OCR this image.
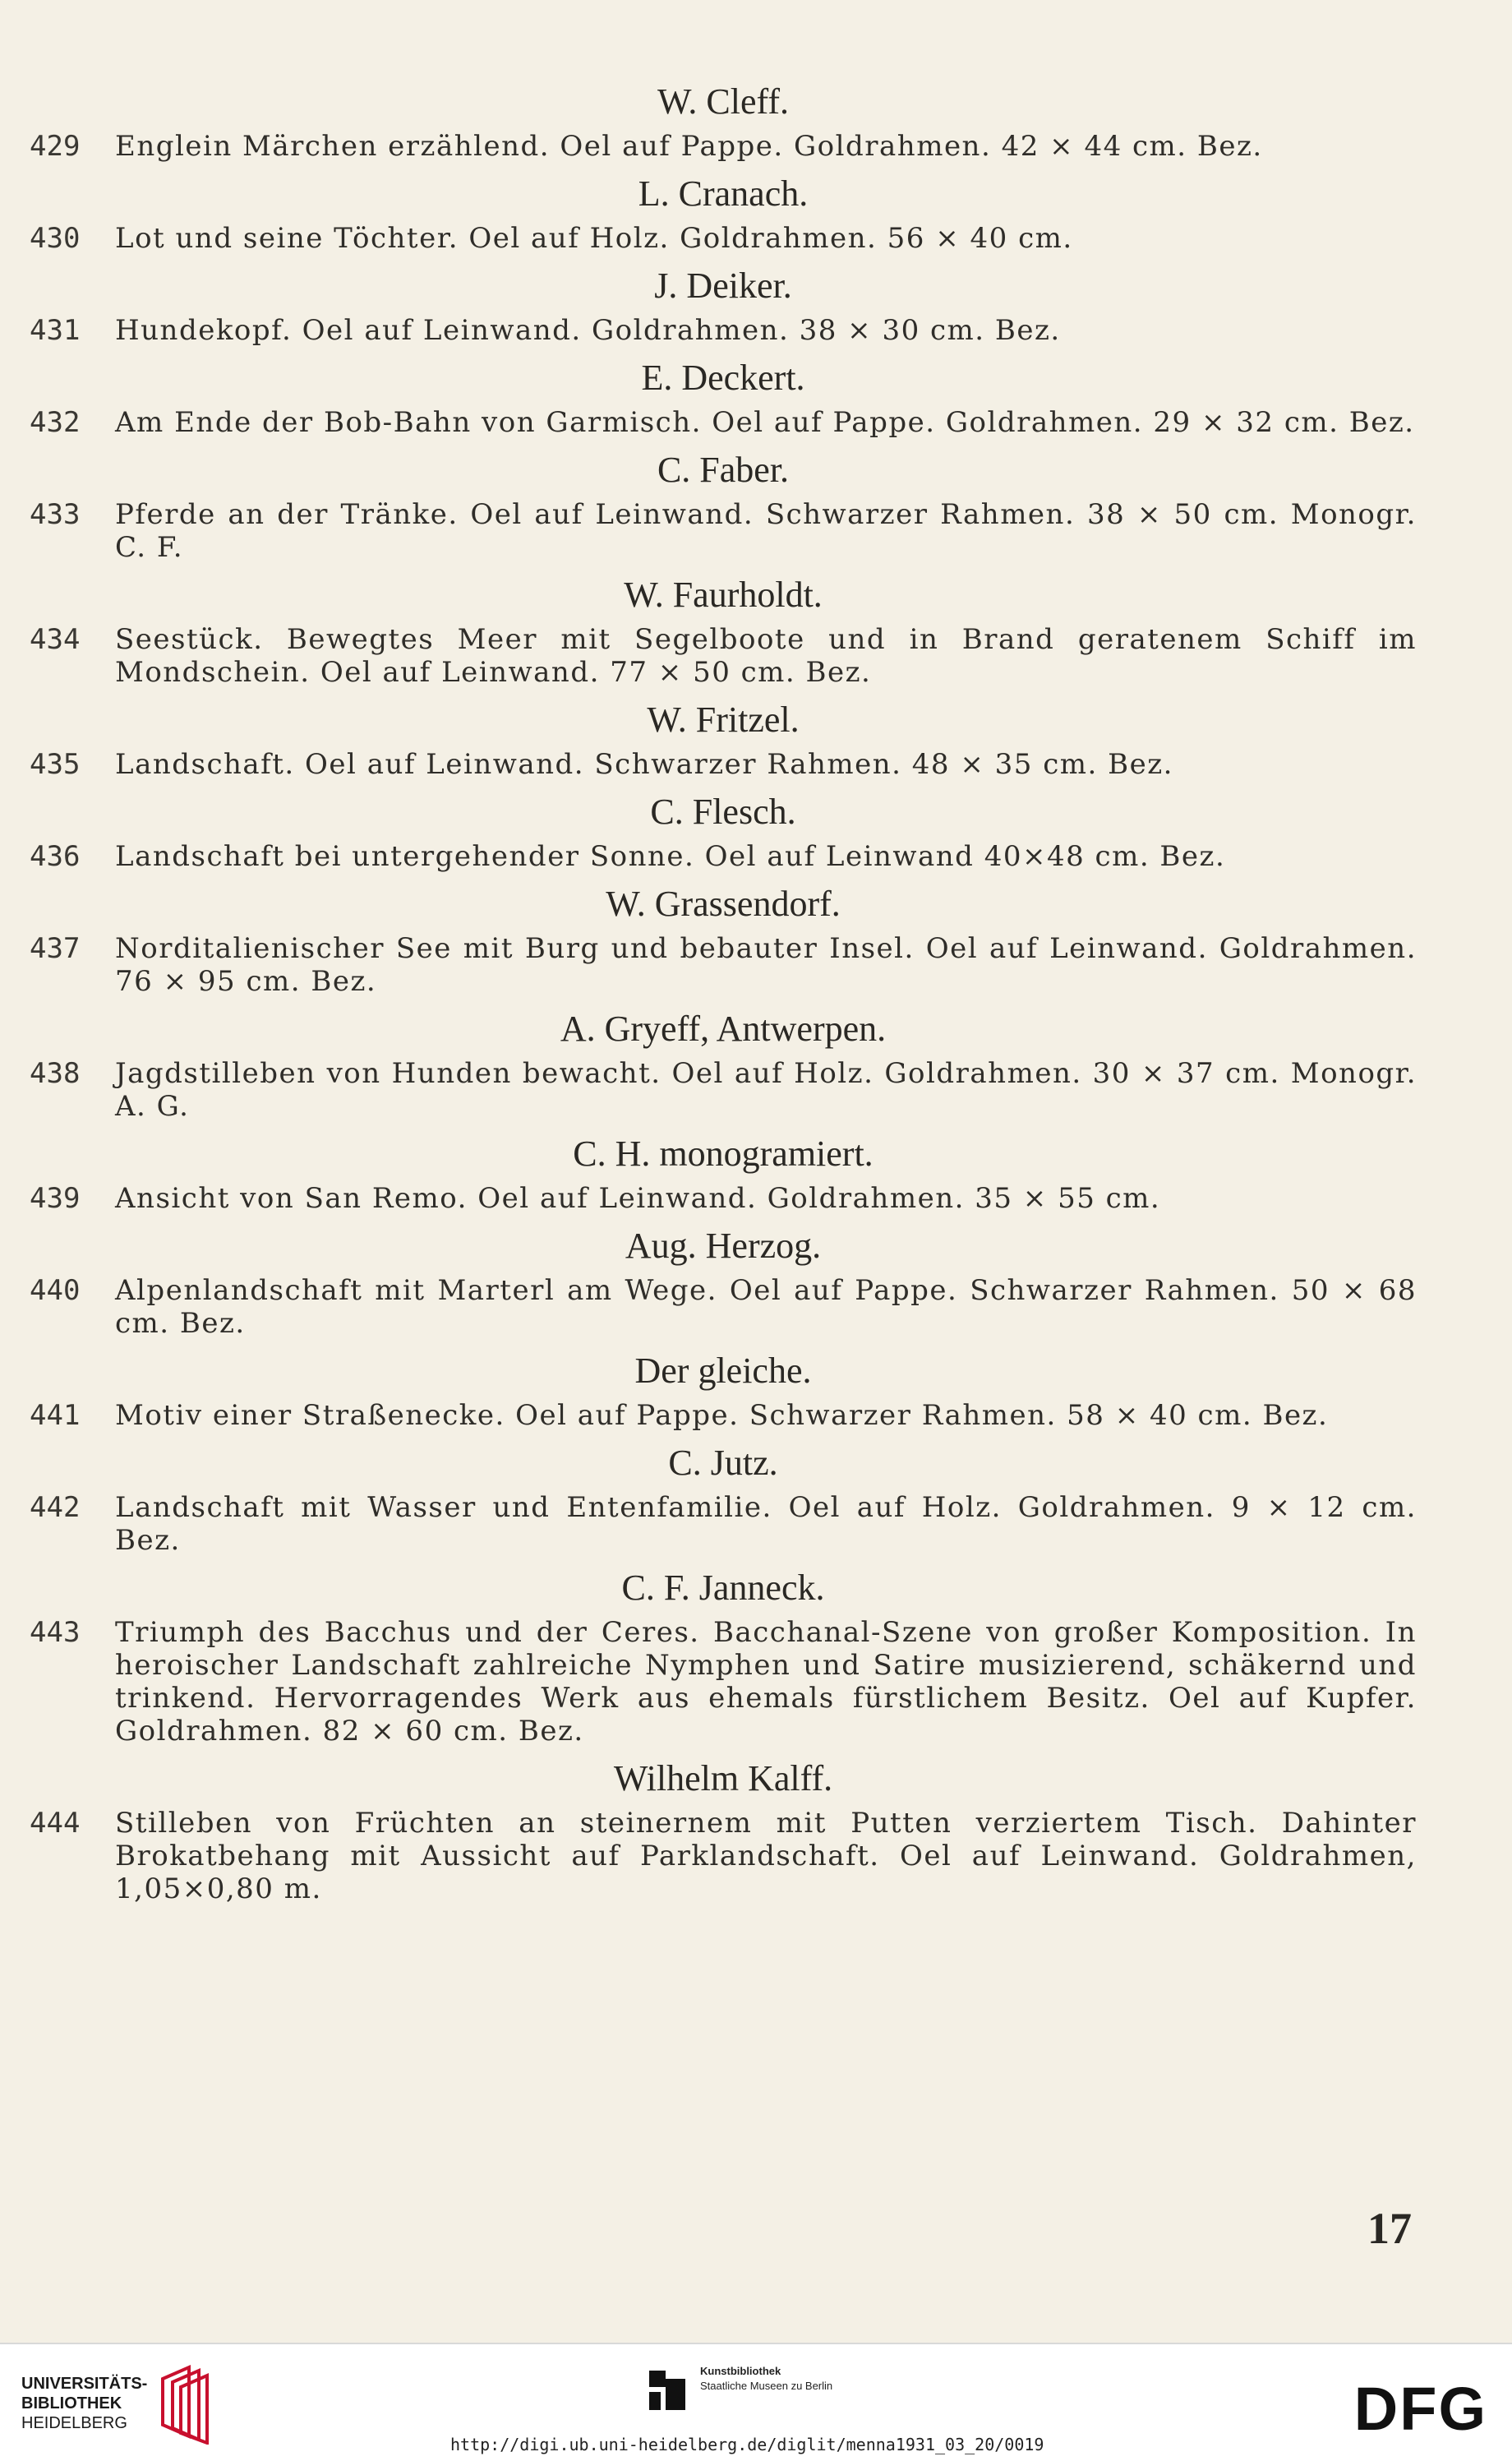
W. Cleff.
429	Englein Märchen erzählend. Oel auf Pappe. Goldrahmen. 42 × 44 cm. Bez.
L. Cranach.
430	Lot und seine Töchter. Oel auf Holz. Goldrahmen. 56 × 40 cm.
J. Deiker.
431	Hundekopf. Oel auf Leinwand. Goldrahmen. 38 × 30 cm. Bez.
E. Deckert.
432	Am Ende der Bob-Bahn von Garmisch. Oel auf Pappe. Goldrahmen. 29 × 32 cm. Bez.
C. Faber.
433	Pferde an der Tränke. Oel auf Leinwand. Schwarzer Rahmen. 38 × 50 cm. Monogr. C. F.
W. Faurholdt.
434	Seestück. Bewegtes Meer mit Segelboote und in Brand geratenem Schiff im Mondschein. Oel auf Leinwand. 77 × 50 cm. Bez.
W. Fritzel.
435	Landschaft. Oel auf Leinwand. Schwarzer Rahmen. 48 × 35 cm. Bez.
C. Flesch.
436	Landschaft bei untergehender Sonne. Oel auf Leinwand 40×48 cm. Bez.
W. Grassendorf.
437	Norditalienischer See mit Burg und bebauter Insel. Oel auf Leinwand. Goldrahmen. 76 × 95 cm. Bez.
A. Gryeff, Antwerpen.
438	Jagdstilleben von Hunden bewacht. Oel auf Holz. Goldrahmen. 30 × 37 cm. Monogr. A. G.
C. H. monogramiert.
439	Ansicht von San Remo. Oel auf Leinwand. Goldrahmen. 35 × 55 cm.
Aug. Herzog.
440	Alpenlandschaft mit Marterl am Wege. Oel auf Pappe. Schwarzer Rahmen. 50 × 68 cm. Bez.
Der gleiche.
441	Motiv einer Straßenecke. Oel auf Pappe. Schwarzer Rahmen. 58 × 40 cm. Bez.
C. Jutz.
442	Landschaft mit Wasser und Entenfamilie. Oel auf Holz. Goldrahmen. 9 × 12 cm. Bez.
C. F. Janneck.
443	Triumph des Bacchus und der Ceres. Bacchanal-Szene von großer Komposition. In heroischer Landschaft zahlreiche Nymphen und Satire musizierend, schäkernd und trinkend. Hervorragendes Werk aus ehemals fürstlichem Besitz. Oel auf Kupfer. Goldrahmen. 82 × 60 cm. Bez.
Wilhelm Kalff.
444	Stilleben von Früchten an steinernem mit Putten verziertem Tisch. Dahinter Brokatbehang mit Aussicht auf Parklandschaft. Oel auf Leinwand. Goldrahmen, 1,05×0,80 m.
17
UNIVERSITÄTS-
BIBLIOTHEK
HEIDELBERG
Kunstbibliothek
Staatliche Museen zu Berlin
http://digi.ub.uni-heidelberg.de/diglit/menna1931_03_20/0019
DFG
